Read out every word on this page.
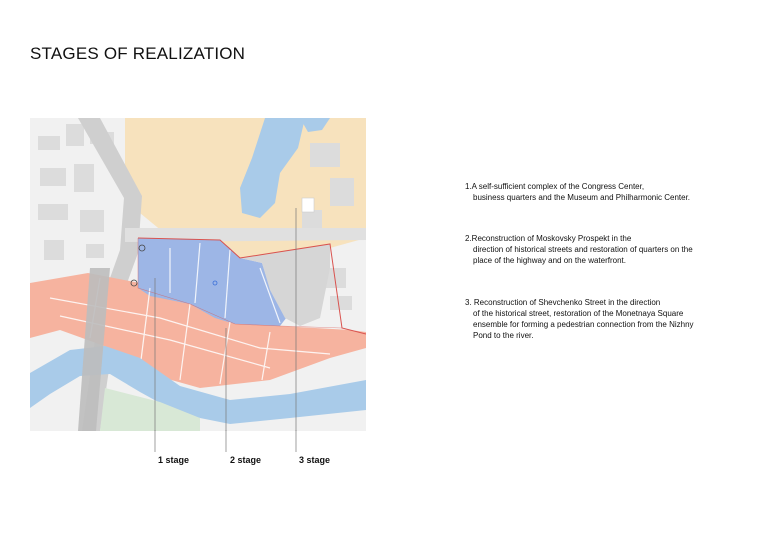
STAGES OF REALIZATION
1 stage	2 stage	3 stage

1.A self-sufficient complex of the Congress Center,
business quarters and the Museum and Philharmonic Center.

2.Reconstruction of Moskovsky Prospekt in the
direction of historical streets and restoration of quarters on the place of the highway and on the waterfront.

3. Reconstruction of Shevchenko Street in the direction
of the historical street, restoration of the Monetnaya Square ensemble for forming a pedestrian connection from the Nizhny Pond to the river.
